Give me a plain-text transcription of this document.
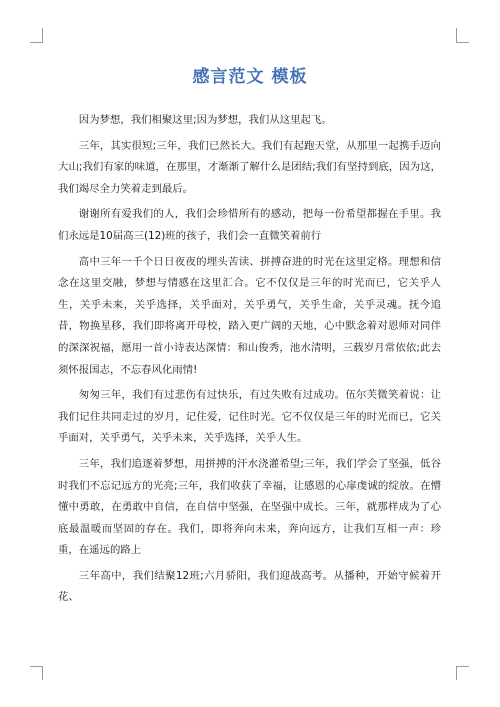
感言范文 模板

因为梦想，我们相聚这里;因为梦想，我们从这里起飞。

三年，其实很短;三年，我们已然长大。我们有起跑天堂，从那里一起携手迈向大山;我们有家的味道，在那里，才渐渐了解什么是团结;我们有坚持到底，因为这，我们竭尽全力笑着走到最后。

谢谢所有爱我们的人，我们会珍惜所有的感动，把每一份希望都握在手里。我们永远是10届高三(12)班的孩子，我们会一直微笑着前行

高中三年一千个日日夜夜的埋头苦读、拼搏奋进的时光在这里定格。理想和信念在这里交融，梦想与情感在这里汇合。它不仅仅是三年的时光而已，它关乎人生，关乎未来，关乎选择，关乎面对，关乎勇气，关乎生命，关乎灵魂。抚今追昔，物换星移，我们即将离开母校，踏入更广阔的天地，心中默念着对恩师对同伴的深深祝福，愿用一首小诗表达深情：和山俊秀，池水清明，三载岁月常依依;此去须怀报国志，不忘春风化雨情!

匆匆三年，我们有过悲伤有过快乐，有过失败有过成功。伍尔芙微笑着说：让我们记住共同走过的岁月，记住爱，记住时光。它不仅仅是三年的时光而已，它关乎面对，关乎勇气，关乎未来，关乎选择，关乎人生。

三年，我们追逐着梦想，用拼搏的汗水浇灌希望;三年，我们学会了坚强，低谷时我们不忘记远方的光亮;三年，我们收获了幸福，让感恩的心扉虔诚的绽放。在懵懂中勇敢，在勇敢中自信，在自信中坚强，在坚强中成长。三年，就那样成为了心底最温暖而坚固的存在。我们，即将奔向未来，奔向远方，让我们互相一声：珍重，在遥远的路上

三年高中，我们结聚12班;六月骄阳，我们迎战高考。从播种，开始守候着开花、
